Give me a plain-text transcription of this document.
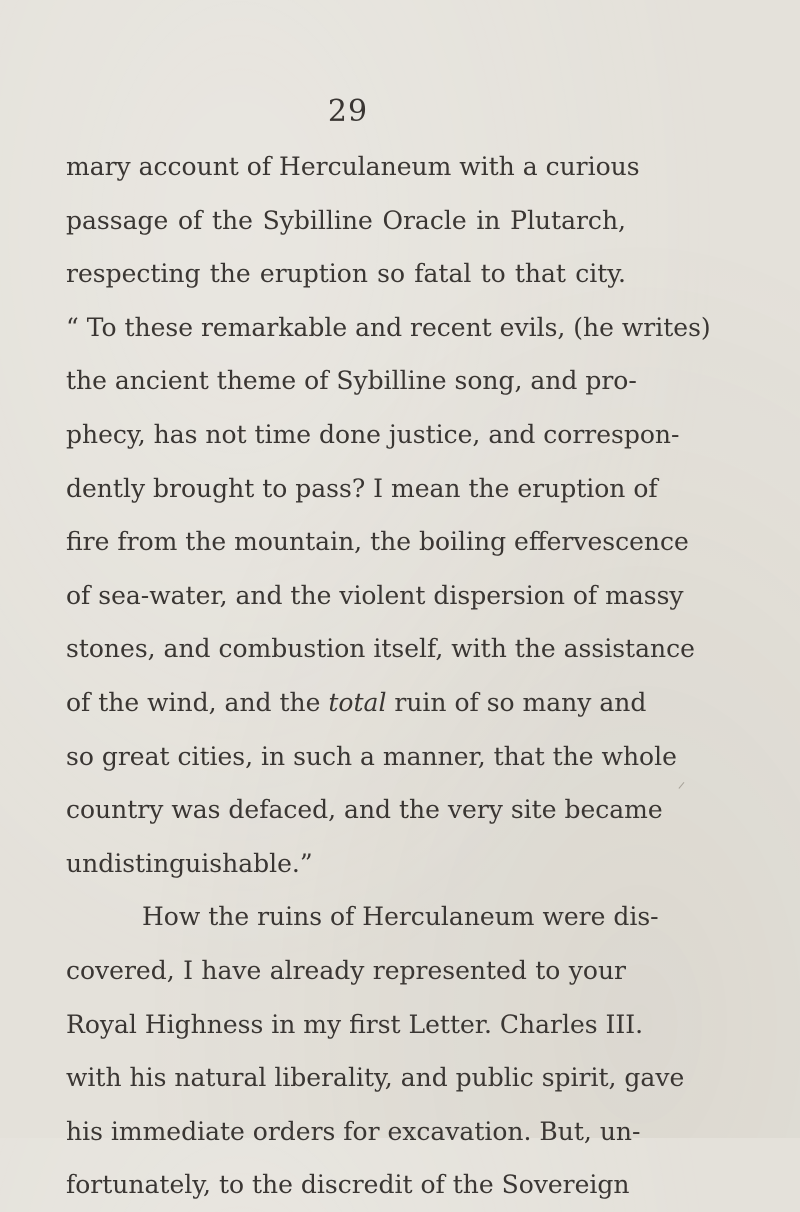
29
mary account of Herculaneum with a curious
passage of the Sybilline Oracle in Plutarch,
respecting the eruption so fatal to that city.
“ To these remarkable and recent evils, (he writes)
the ancient theme of Sybilline song, and pro-
phecy, has not time done justice, and correspon-
dently brought to pass? I mean the eruption of
fire from the mountain, the boiling effervescence
of sea-water, and the violent dispersion of massy
stones, and combustion itself, with the assistance
of the wind, and the total ruin of so many and
so great cities, in such a manner, that the whole
country was defaced, and the very site became
undistinguishable.”
How the ruins of Herculaneum were dis-
covered, I have already represented to your
Royal Highness in my first Letter. Charles III.
with his natural liberality, and public spirit, gave
his immediate orders for excavation. But, un-
fortunately, to the discredit of the Sovereign
